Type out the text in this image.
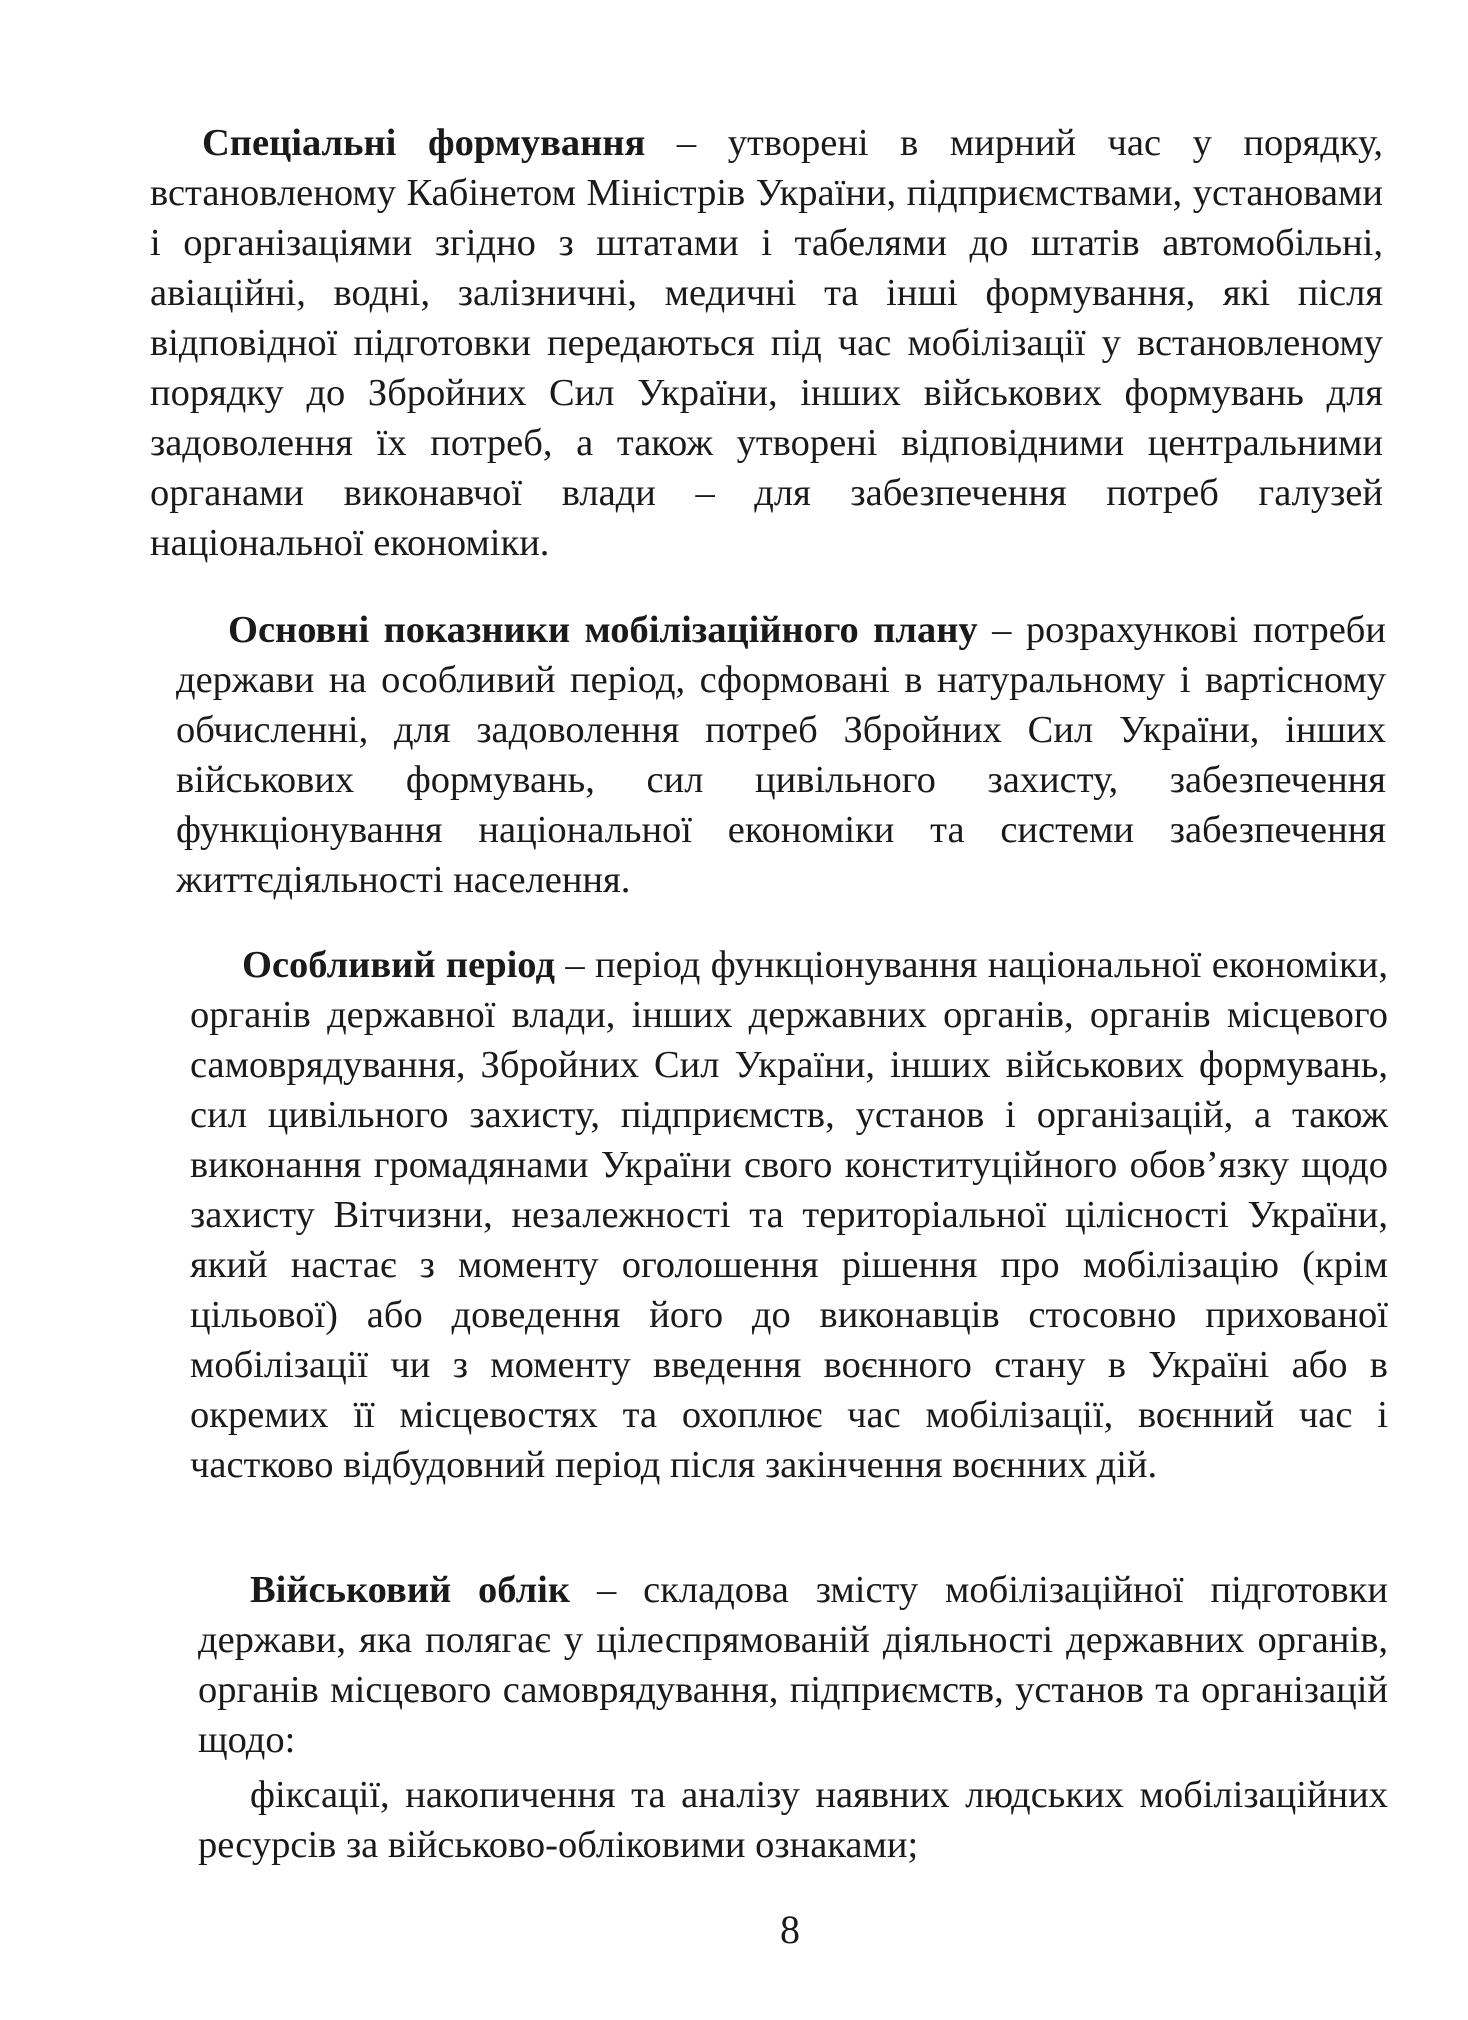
Спеціальні формування – утворені в мирний час у порядку, встановленому Кабінетом Міністрів України, підприємствами, установами і організаціями згідно з штатами і табелями до штатів автомобільні, авіаційні, водні, залізничні, медичні та інші формування, які після відповідної підготовки передаються під час мобілізації у встановленому порядку до Збройних Сил України, інших військових формувань для задоволення їх потреб, а також утворені відповідними центральними органами виконавчої влади – для забезпечення потреб галузей національної економіки.

Основні показники мобілізаційного плану – розрахункові потреби держави на особливий період, сформовані в натуральному і вартісному обчисленні, для задоволення потреб Збройних Сил України, інших військових формувань, сил цивільного захисту, забезпечення функціонування національної економіки та системи забезпечення життєдіяльності населення.

Особливий період – період функціонування національної економіки, органів державної влади, інших державних органів, органів місцевого самоврядування, Збройних Сил України, інших військових формувань, сил цивільного захисту, підприємств, установ і організацій, а також виконання громадянами України свого конституційного обов’язку щодо захисту Вітчизни, незалежності та територіальної цілісності України, який настає з моменту оголошення рішення про мобілізацію (крім цільової) або доведення його до виконавців стосовно прихованої мобілізації чи з моменту введення воєнного стану в Україні або в окремих її місцевостях та охоплює час мобілізації, воєнний час і частково відбудовний період після закінчення воєнних дій.

Військовий облік – складова змісту мобілізаційної підготовки держави, яка полягає у цілеспрямованій діяльності державних органів, органів місцевого самоврядування, підприємств, установ та організацій щодо:

фіксації, накопичення та аналізу наявних людських мобілізаційних ресурсів за військово-обліковими ознаками;

8
